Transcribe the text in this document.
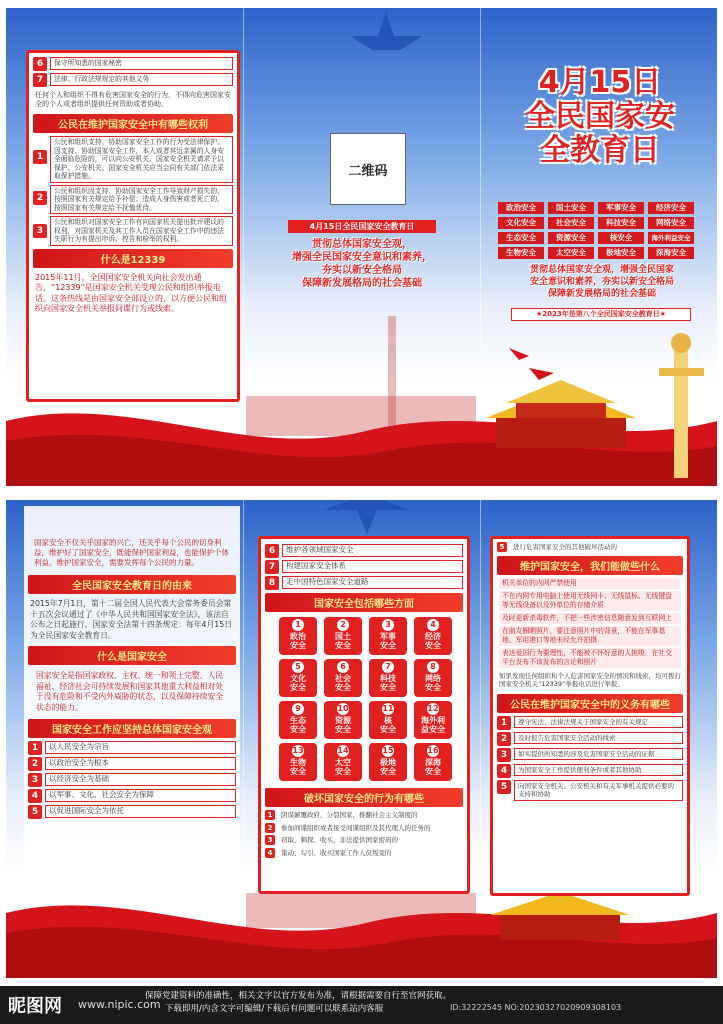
6	保守所知悉的国家秘密
7	法律、行政法规规定的其他义务
任何个人和组织不得有危害国家安全的行为，不得向危害国家安全的个人或者组织提供任何资助或者协助。
公民在维护国家安全中有哪些权利
1
公民和组织支持、协助国家安全工作的行为受法律保护。因支持、协助国家安全工作，本人或者其近亲属的人身安全面临危险的，可以向公安机关、国家安全机关请求予以保护。公安机关、国家安全机关应当会同有关部门依法采取保护措施。
2
公民和组织因支持、协助国家安全工作导致财产损失的，按照国家有关规定给予补偿；造成人身伤害或者死亡的，按照国家有关规定给予抚恤优待。
3
公民和组织对国家安全工作有向国家机关提出批评建议的权利，对国家机关及其工作人员在国家安全工作中的违法失职行为有提出申诉、控告和检举的权利。
什么是12339
2015年11月，全国国家安全机关向社会发出通告，“12339”是国家安全机关受理公民和组织举报电话。这条热线是由国家安全部设立的，以方便公民和组织向国家安全机关举报间谍行为或线索。
二维码
4月15日全民国家安全教育日
贯彻总体国家安全观，
增强全民国家安全意识和素养，
夯实以新安全格局
保障新发展格局的社会基础
4月15日
全民国家安
全教育日
政治安全	国土安全	军事安全	经济安全
文化安全	社会安全	科技安全	网络安全
生态安全	资源安全	核安全	海外利益安全
生物安全	太空安全	极地安全	深海安全
贯彻总体国家安全观，增强全民国家
安全意识和素养，夯实以新安全格局
保障新发展格局的社会基础
★2023年是第八个全民国家安全教育日★
国家安全不仅关乎国家的兴亡，还关乎每个公民的切身利益，维护好了国家安全，既能保护国家利益，也能保护个体利益。维护国家安全，需要发挥每个公民的力量。
全民国家安全教育日的由来
2015年7月1日，第十二届全国人民代表大会常务委员会第十五次会议通过了《中华人民共和国国家安全法》，该法自公布之日起施行。国家安全法第十四条规定：每年4月15日为全民国家安全教育日。
什么是国家安全
国家安全是指国家政权、主权、统一和领土完整、人民福祉、经济社会可持续发展和国家其他重大利益相对处于没有危险和不受内外威胁的状态，以及保障持续安全状态的能力。
国家安全工作应坚持总体国家安全观
1	以人民安全为宗旨
2	以政治安全为根本
3	以经济安全为基础
4	以军事、文化、社会安全为保障
5	以促进国际安全为依托
6	维护各领域国家安全
7	构建国家安全体系
8	走中国特色国家安全道路
国家安全包括哪些方面
1
政治
安全
2
国土
安全
3
军事
安全
4
经济
安全
5
文化
安全
6
社会
安全
7
科技
安全
8
网络
安全
9
生态
安全
10
资源
安全
11
核
安全
12
海外利
益安全
13
生物
安全
14
太空
安全
15
极地
安全
16
深海
安全
破坏国家安全的行为有哪些
1	阴谋颠覆政府，分裂国家，推翻社会主义制度的
2	参加间谍组织或者接受间谍组织及其代理人的任务的
3	窃取、刺探、收买、非法提供国家密码的
4	策动、勾引、收买国家工作人员叛变的
5	进行危害国家安全的其他破坏活动的
维护国家安全，我们能做些什么
机关单位的内网严禁使用
不在内网专用电脑上使用无线网卡、无线鼠标、无线键盘等无线设备以及外单位的存储介质
及时更新杀毒软件，不把一些涉密信息随意发到互联网上
在朋友圈晒照片，要注意照片中的背景，不能在军事基地、军用港口等地未经允许拍摄
表达爱国行为要理性，不能被不怀好意的人挑唆，在社交平台发布不该发布的言论和照片
如果发现任何组织和个人危害国家安全的情况和线索，均可拨打国家安全机关“12339”举报电话进行举报。
公民在维护国家安全中的义务有哪些
1	遵守宪法、法律法规关于国家安全的有关规定
2	及时报告危害国家安全活动的线索
3	如实提供所知悉的涉及危害国家安全活动的证据
4	为国家安全工作提供便利条件或者其他协助
5	向国家安全机关、公安机关和有关军事机关提供必要的支持和协助
昵图网 www.nipic.com
保障党建资料的准确性，相关文字以官方发布为准，请根据需要自行至官网获取。
下载即用/内含文字可编辑/下载后有问题可以联系站内客服	ID:32222545 NO:20230327020909308103
